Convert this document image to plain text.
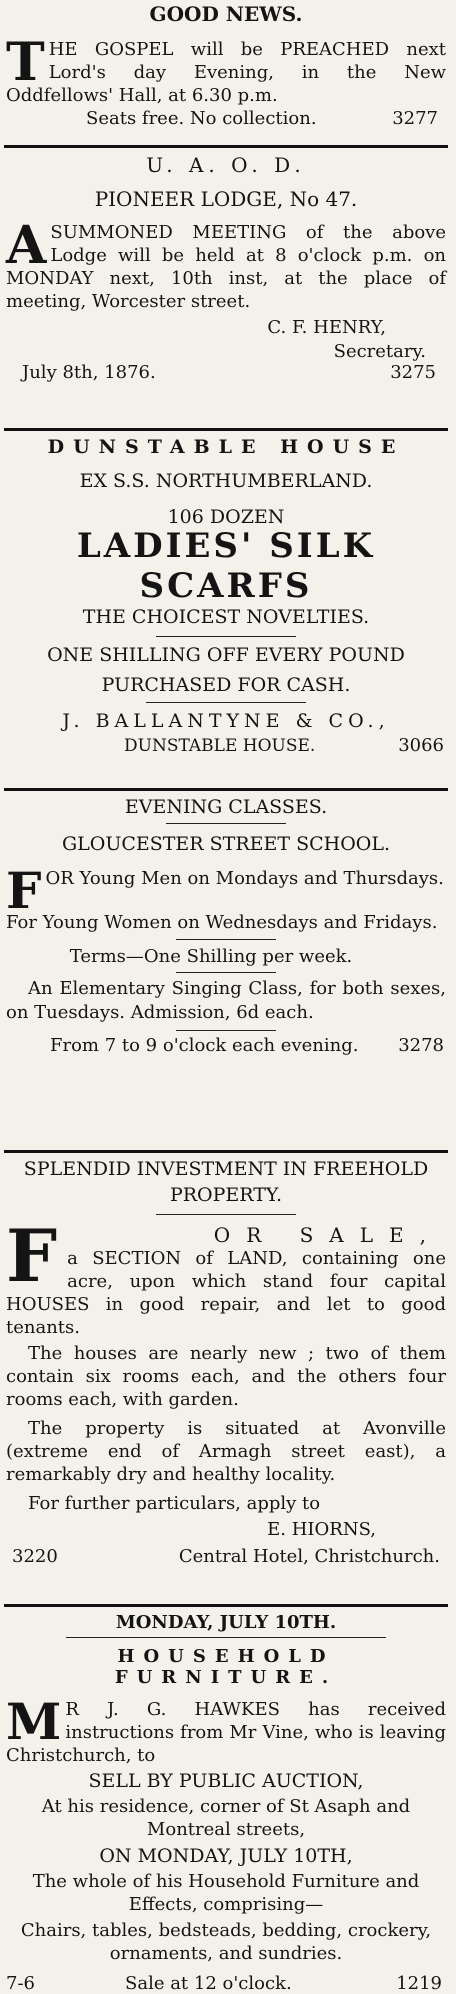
GOOD NEWS.
T HE GOSPEL will be PREACHED next Lord's day Evening, in the New Oddfellows' Hall, at 6.30 p.m.
Seats free. No collection.	3277
U. A. O. D.
PIONEER LODGE, No 47.
A SUMMONED MEETING of the above Lodge will be held at 8 o'clock p.m. on MONDAY next, 10th inst, at the place of meeting, Worcester street.
C. F. HENRY,
Secretary.
July 8th, 1876.	3275
DUNSTABLE HOUSE
EX S.S. NORTHUMBERLAND.
106 DOZEN
LADIES' SILK SCARFS
THE CHOICEST NOVELTIES.
ONE SHILLING OFF EVERY POUND
PURCHASED FOR CASH.
J. BALLANTYNE & CO.,
DUNSTABLE HOUSE.	3066
EVENING CLASSES.
GLOUCESTER STREET SCHOOL.
F OR Young Men on Mondays and Thursdays.
For Young Women on Wednesdays and Fridays.
Terms—One Shilling per week.
An Elementary Singing Class, for both sexes, on Tuesdays. Admission, 6d each.
From 7 to 9 o'clock each evening. 3278
SPLENDID INVESTMENT IN FREEHOLD PROPERTY.
F	OR SALE,
a SECTION of LAND, containing one acre, upon which stand four capital HOUSES in good repair, and let to good tenants.
The houses are nearly new ; two of them contain six rooms each, and the others four rooms each, with garden.
The property is situated at Avonville (extreme end of Armagh street east), a remarkably dry and healthy locality.
For further particulars, apply to
E. HIORNS,
3220	Central Hotel, Christchurch.
MONDAY, JULY 10TH.
HOUSEHOLD FURNITURE.
M R J. G. HAWKES has received instructions from Mr Vine, who is leaving Christchurch, to
SELL BY PUBLIC AUCTION,
At his residence, corner of St Asaph and Montreal streets,
ON MONDAY, JULY 10TH,
The whole of his Household Furniture and Effects, comprising—
Chairs, tables, bedsteads, bedding, crockery, ornaments, and sundries.
7-6	Sale at 12 o'clock.	1219
